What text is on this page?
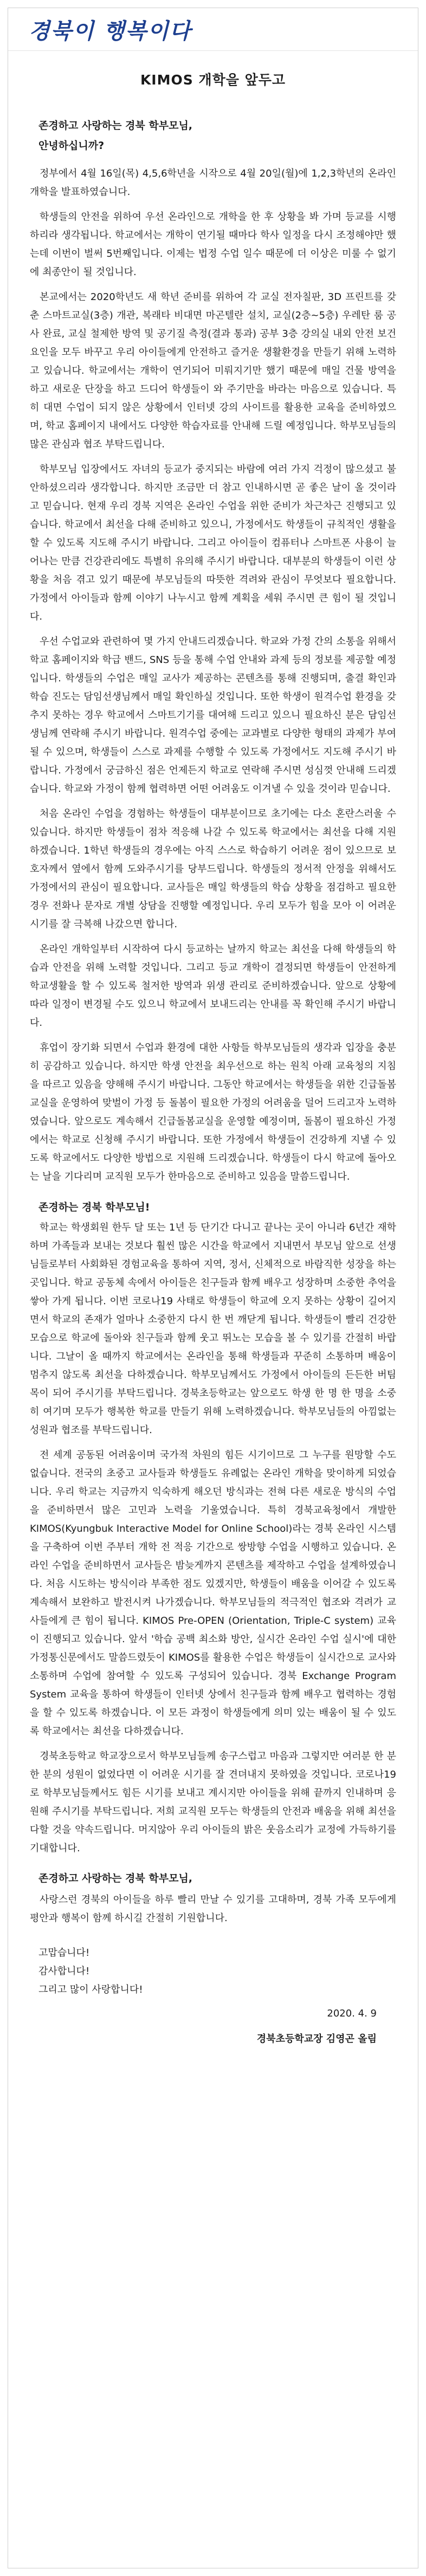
경북이 행복이다
KIMOS 개학을 앞두고
존경하고 사랑하는 경북 학부모님,
안녕하십니까?

정부에서 4월 16일(목) 4,5,6학년을 시작으로 4월 20일(월)에 1,2,3학년의 온라인 개학을 발표하였습니다.

학생들의 안전을 위하여 우선 온라인으로 개학을 한 후 상황을 봐 가며 등교를 시행하리라 생각됩니다. 학교에서는 개학이 연기될 때마다 학사 일정을 다시 조정해야만 했는데 이번이 벌써 5번째입니다. 이제는 법정 수업 일수 때문에 더 이상은 미룰 수 없기에 최종안이 될 것입니다.

본교에서는 2020학년도 새 학년 준비를 위하여 각 교실 전자칠판, 3D 프린트를 갖춘 스마트교실(3층) 개관, 복래타 비대면 마곤텔란 설치, 교실(2층~5층) 우레탄 룸 공사 완료, 교실 철제한 방역 및 공기질 측정(결과 통과) 공부 3층 강의실 내외 안전 보건 요인을 모두 바꾸고 우리 아이들에게 안전하고 즐거운 생활환경을 만들기 위해 노력하고 있습니다. 학교에서는 개학이 연기되어 미뤄지기만 했기 때문에 매일 건물 방역을 하고 새로운 단장을 하고 드디어 학생들이 와 주기만을 바라는 마음으로 있습니다. 특히 대면 수업이 되지 않은 상황에서 인터넷 강의 사이트를 활용한 교육을 준비하였으며, 학교 홈페이지 내에서도 다양한 학습자료를 안내해 드릴 예정입니다. 학부모님들의 많은 관심과 협조 부탁드립니다.

학부모님 입장에서도 자녀의 등교가 중지되는 바람에 여러 가지 걱정이 많으셨고 불안하셨으리라 생각합니다. 하지만 조금만 더 참고 인내하시면 곧 좋은 날이 올 것이라고 믿습니다. 현재 우리 경북 지역은 온라인 수업을 위한 준비가 차근차근 진행되고 있습니다. 학교에서 최선을 다해 준비하고 있으니, 가정에서도 학생들이 규칙적인 생활을 할 수 있도록 지도해 주시기 바랍니다. 그리고 아이들이 컴퓨터나 스마트폰 사용이 늘어나는 만큼 건강관리에도 특별히 유의해 주시기 바랍니다. 대부분의 학생들이 이런 상황을 처음 겪고 있기 때문에 부모님들의 따뜻한 격려와 관심이 무엇보다 필요합니다. 가정에서 아이들과 함께 이야기 나누시고 함께 계획을 세워 주시면 큰 힘이 될 것입니다.

우선 수업교와 관련하여 몇 가지 안내드리겠습니다. 학교와 가정 간의 소통을 위해서 학교 홈페이지와 학급 밴드, SNS 등을 통해 수업 안내와 과제 등의 정보를 제공할 예정입니다. 학생들의 수업은 매일 교사가 제공하는 콘텐츠를 통해 진행되며, 출결 확인과 학습 진도는 담임선생님께서 매일 확인하실 것입니다. 또한 학생이 원격수업 환경을 갖추지 못하는 경우 학교에서 스마트기기를 대여해 드리고 있으니 필요하신 분은 담임선생님께 연락해 주시기 바랍니다. 원격수업 중에는 교과별로 다양한 형태의 과제가 부여될 수 있으며, 학생들이 스스로 과제를 수행할 수 있도록 가정에서도 지도해 주시기 바랍니다. 가정에서 궁금하신 점은 언제든지 학교로 연락해 주시면 성심껏 안내해 드리겠습니다. 학교와 가정이 함께 협력하면 어떤 어려움도 이겨낼 수 있을 것이라 믿습니다.

처음 온라인 수업을 경험하는 학생들이 대부분이므로 초기에는 다소 혼란스러울 수 있습니다. 하지만 학생들이 점차 적응해 나갈 수 있도록 학교에서는 최선을 다해 지원하겠습니다. 1학년 학생들의 경우에는 아직 스스로 학습하기 어려운 점이 있으므로 보호자께서 옆에서 함께 도와주시기를 당부드립니다. 학생들의 정서적 안정을 위해서도 가정에서의 관심이 필요합니다. 교사들은 매일 학생들의 학습 상황을 점검하고 필요한 경우 전화나 문자로 개별 상담을 진행할 예정입니다. 우리 모두가 힘을 모아 이 어려운 시기를 잘 극복해 나갔으면 합니다.

온라인 개학일부터 시작하여 다시 등교하는 날까지 학교는 최선을 다해 학생들의 학습과 안전을 위해 노력할 것입니다. 그리고 등교 개학이 결정되면 학생들이 안전하게 학교생활을 할 수 있도록 철저한 방역과 위생 관리로 준비하겠습니다. 앞으로 상황에 따라 일정이 변경될 수도 있으니 학교에서 보내드리는 안내를 꼭 확인해 주시기 바랍니다.

휴업이 장기화 되면서 수업과 환경에 대한 사항들 학부모님들의 생각과 입장을 충분히 공감하고 있습니다. 하지만 학생 안전을 최우선으로 하는 원칙 아래 교육청의 지침을 따르고 있음을 양해해 주시기 바랍니다. 그동안 학교에서는 학생들을 위한 긴급돌봄교실을 운영하여 맞벌이 가정 등 돌봄이 필요한 가정의 어려움을 덜어 드리고자 노력하였습니다. 앞으로도 계속해서 긴급돌봄교실을 운영할 예정이며, 돌봄이 필요하신 가정에서는 학교로 신청해 주시기 바랍니다. 또한 가정에서 학생들이 건강하게 지낼 수 있도록 학교에서도 다양한 방법으로 지원해 드리겠습니다. 학생들이 다시 학교에 돌아오는 날을 기다리며 교직원 모두가 한마음으로 준비하고 있음을 말씀드립니다.

존경하는 경북 학부모님!

학교는 학생회원 한두 달 또는 1년 등 단기간 다니고 끝나는 곳이 아니라 6년간 재학하며 가족들과 보내는 것보다 훨씬 많은 시간을 학교에서 지내면서 부모님 앞으로 선생님들로부터 사회화된 경험교육을 통하여 지역, 정서, 신체적으로 바람직한 성장을 하는 곳입니다. 학교 공동체 속에서 아이들은 친구들과 함께 배우고 성장하며 소중한 추억을 쌓아 가게 됩니다. 이번 코로나19 사태로 학생들이 학교에 오지 못하는 상황이 길어지면서 학교의 존재가 얼마나 소중한지 다시 한 번 깨닫게 됩니다. 학생들이 빨리 건강한 모습으로 학교에 돌아와 친구들과 함께 웃고 뛰노는 모습을 볼 수 있기를 간절히 바랍니다. 그날이 올 때까지 학교에서는 온라인을 통해 학생들과 꾸준히 소통하며 배움이 멈추지 않도록 최선을 다하겠습니다. 학부모님께서도 가정에서 아이들의 든든한 버팀목이 되어 주시기를 부탁드립니다. 경북초등학교는 앞으로도 학생 한 명 한 명을 소중히 여기며 모두가 행복한 학교를 만들기 위해 노력하겠습니다. 학부모님들의 아낌없는 성원과 협조를 부탁드립니다.

전 세계 공동된 어려움이며 국가적 차원의 힘든 시기이므로 그 누구를 원망할 수도 없습니다. 전국의 초중고 교사들과 학생들도 유례없는 온라인 개학을 맞이하게 되었습니다. 우리 학교는 지금까지 익숙하게 해오던 방식과는 전혀 다른 새로운 방식의 수업을 준비하면서 많은 고민과 노력을 기울였습니다. 특히 경북교육청에서 개발한 KIMOS(Kyungbuk Interactive Model for Online School)라는 경북 온라인 시스템을 구축하여 이번 주부터 개학 전 적응 기간으로 쌍방향 수업을 시행하고 있습니다. 온라인 수업을 준비하면서 교사들은 밤늦게까지 콘텐츠를 제작하고 수업을 설계하였습니다. 처음 시도하는 방식이라 부족한 점도 있겠지만, 학생들이 배움을 이어갈 수 있도록 계속해서 보완하고 발전시켜 나가겠습니다. 학부모님들의 적극적인 협조와 격려가 교사들에게 큰 힘이 됩니다. KIMOS Pre-OPEN (Orientation, Triple-C system) 교육이 진행되고 있습니다. 앞서 '학습 공백 최소화 방안, 실시간 온라인 수업 실시'에 대한 가정통신문에서도 말씀드렸듯이 KIMOS를 활용한 수업은 학생들이 실시간으로 교사와 소통하며 수업에 참여할 수 있도록 구성되어 있습니다. 경북 Exchange Program System 교육을 통하여 학생들이 인터넷 상에서 친구들과 함께 배우고 협력하는 경험을 할 수 있도록 하겠습니다. 이 모든 과정이 학생들에게 의미 있는 배움이 될 수 있도록 학교에서는 최선을 다하겠습니다.

경북초등학교 학교장으로서 학부모님들께 송구스럽고 마음과 그렇지만 여러분 한 분 한 분의 성원이 없었다면 이 어려운 시기를 잘 견뎌내지 못하였을 것입니다. 코로나19로 학부모님들께서도 힘든 시기를 보내고 계시지만 아이들을 위해 끝까지 인내하며 응원해 주시기를 부탁드립니다. 저희 교직원 모두는 학생들의 안전과 배움을 위해 최선을 다할 것을 약속드립니다. 머지않아 우리 아이들의 밝은 웃음소리가 교정에 가득하기를 기대합니다.

존경하고 사랑하는 경북 학부모님,

사랑스런 경북의 아이들을 하루 빨리 만날 수 있기를 고대하며, 경북 가족 모두에게 평안과 행복이 함께 하시길 간절히 기원합니다.

고맙습니다!
감사합니다!
그리고 많이 사랑합니다!
2020. 4. 9
경북초등학교장 김영곤 올림
